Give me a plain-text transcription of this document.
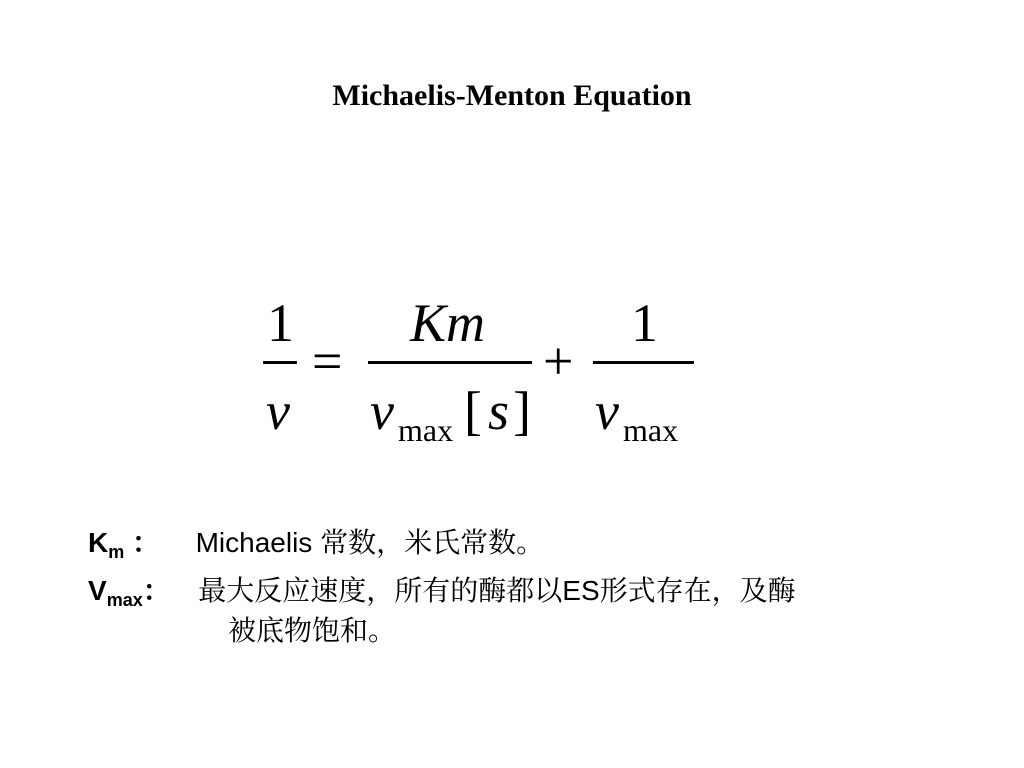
Michaelis-Menton Equation
1
v
=
Km
v max [ s ]
+
1
v max
$K_m$ ： Michaelis 常数，米氏常数。
$V_{max}$： 最大反应速度，所有的酶都以ES形式存在，及酶
被底物饱和。
